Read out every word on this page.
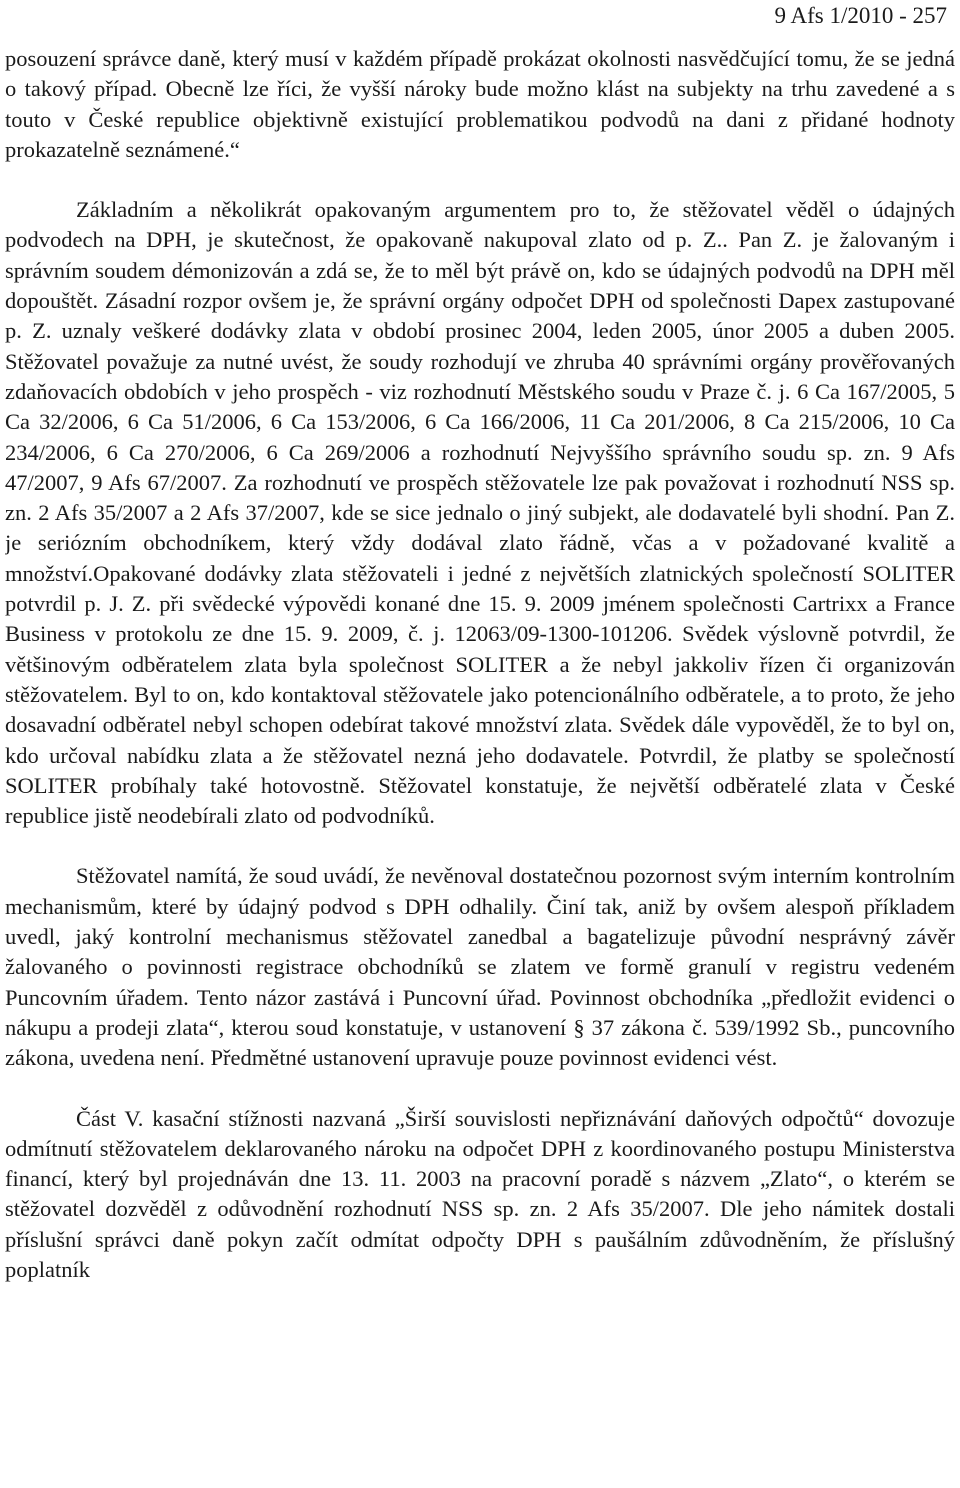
9 Afs 1/2010 - 257

posouzení správce daně, který musí v každém případě prokázat okolnosti nasvědčující tomu, že se jedná o takový případ. Obecně lze říci, že vyšší nároky bude možno klást na subjekty na trhu zavedené a s touto v České republice objektivně existující problematikou podvodů na dani z přidané hodnoty prokazatelně seznámené.“

Základním a několikrát opakovaným argumentem pro to, že stěžovatel věděl o údajných podvodech na DPH, je skutečnost, že opakovaně nakupoval zlato od p. Z.. Pan Z. je žalovaným i správním soudem démonizován a zdá se, že to měl být právě on, kdo se údajných podvodů na DPH měl dopouštět. Zásadní rozpor ovšem je, že správní orgány odpočet DPH od společnosti Dapex zastupované p. Z. uznaly veškeré dodávky zlata v období prosinec 2004, leden 2005, únor 2005 a duben 2005. Stěžovatel považuje za nutné uvést, že soudy rozhodují ve zhruba 40 správními orgány prověřovaných zdaňovacích obdobích v jeho prospěch - viz rozhodnutí Městského soudu v Praze č. j. 6 Ca 167/2005, 5 Ca 32/2006, 6 Ca 51/2006, 6 Ca 153/2006, 6 Ca 166/2006, 11 Ca 201/2006, 8 Ca 215/2006, 10 Ca 234/2006, 6 Ca 270/2006, 6 Ca 269/2006 a rozhodnutí Nejvyššího správního soudu sp. zn. 9 Afs 47/2007, 9 Afs 67/2007. Za rozhodnutí ve prospěch stěžovatele lze pak považovat i rozhodnutí NSS sp. zn. 2 Afs 35/2007 a 2 Afs 37/2007, kde se sice jednalo o jiný subjekt, ale dodavatelé byli shodní. Pan Z. je seriózním obchodníkem, který vždy dodával zlato řádně, včas a v požadované kvalitě a množství.Opakované dodávky zlata stěžovateli i jedné z největších zlatnických společností SOLITER potvrdil p. J. Z. při svědecké výpovědi konané dne 15. 9. 2009 jménem společnosti Cartrixx a France Business v protokolu ze dne 15. 9. 2009, č. j. 12063/09-1300-101206. Svědek výslovně potvrdil, že většinovým odběratelem zlata byla společnost SOLITER a že nebyl jakkoliv řízen či organizován stěžovatelem. Byl to on, kdo kontaktoval stěžovatele jako potencionálního odběratele, a to proto, že jeho dosavadní odběratel nebyl schopen odebírat takové množství zlata. Svědek dále vypověděl, že to byl on, kdo určoval nabídku zlata a že stěžovatel nezná jeho dodavatele. Potvrdil, že platby se společností SOLITER probíhaly také hotovostně. Stěžovatel konstatuje, že největší odběratelé zlata v České republice jistě neodebírali zlato od podvodníků.

Stěžovatel namítá, že soud uvádí, že nevěnoval dostatečnou pozornost svým interním kontrolním mechanismům, které by údajný podvod s DPH odhalily. Činí tak, aniž by ovšem alespoň příkladem uvedl, jaký kontrolní mechanismus stěžovatel zanedbal a bagatelizuje původní nesprávný závěr žalovaného o povinnosti registrace obchodníků se zlatem ve formě granulí v registru vedeném Puncovním úřadem. Tento názor zastává i Puncovní úřad. Povinnost obchodníka „předložit evidenci o nákupu a prodeji zlata“, kterou soud konstatuje, v ustanovení § 37 zákona č. 539/1992 Sb., puncovního zákona, uvedena není. Předmětné ustanovení upravuje pouze povinnost evidenci vést.

Část V. kasační stížnosti nazvaná „Širší souvislosti nepřiznávání daňových odpočtů“ dovozuje odmítnutí stěžovatelem deklarovaného nároku na odpočet DPH z koordinovaného postupu Ministerstva financí, který byl projednáván dne 13. 11. 2003 na pracovní poradě s názvem „Zlato“, o kterém se stěžovatel dozvěděl z odůvodnění rozhodnutí NSS sp. zn. 2 Afs 35/2007. Dle jeho námitek dostali příslušní správci daně pokyn začít odmítat odpočty DPH s paušálním zdůvodněním, že příslušný poplatník
